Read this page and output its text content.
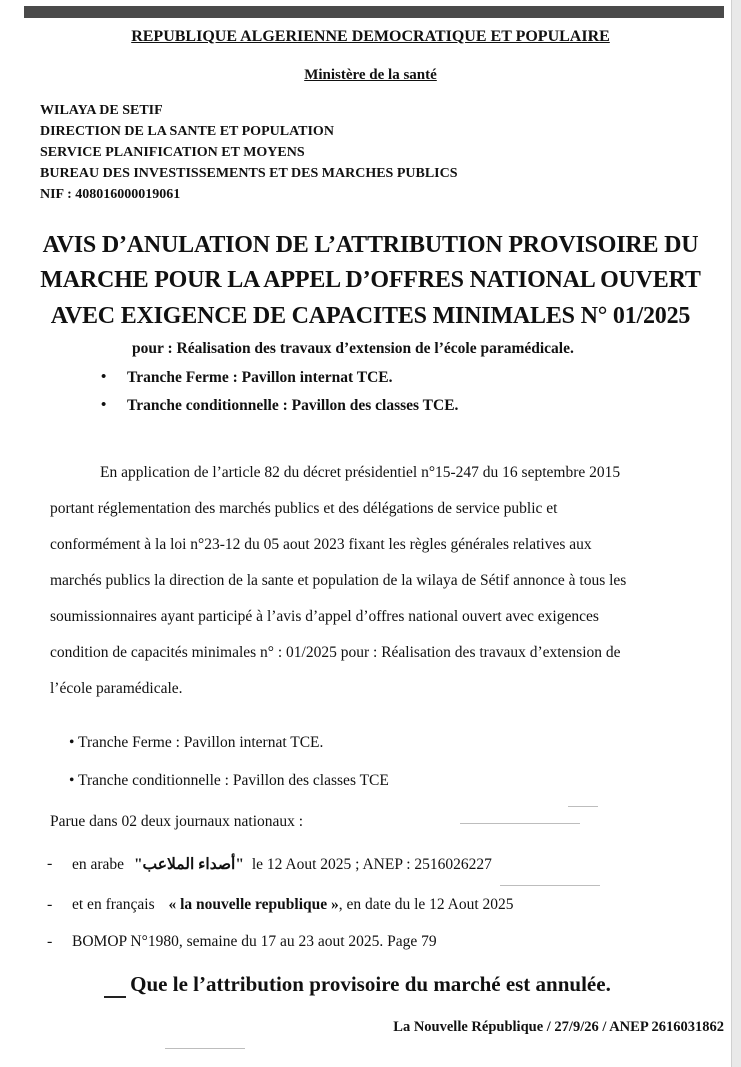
REPUBLIQUE ALGERIENNE DEMOCRATIQUE ET POPULAIRE
Ministère de la santé
WILAYA DE SETIF
DIRECTION DE LA SANTE ET POPULATION
SERVICE PLANIFICATION ET MOYENS
BUREAU DES INVESTISSEMENTS ET DES MARCHES PUBLICS
NIF : 408016000019061
AVIS D’ANULATION DE L’ATTRIBUTION PROVISOIRE DU
MARCHE POUR LA APPEL D’OFFRES NATIONAL OUVERT
AVEC EXIGENCE DE CAPACITES MINIMALES N° 01/2025
pour : Réalisation des travaux d’extension de l’école paramédicale.
• Tranche Ferme : Pavillon internat TCE.
• Tranche conditionnelle : Pavillon des classes TCE.
En application de l’article 82 du décret présidentiel n°15-247 du 16 septembre 2015
portant réglementation des marchés publics et des délégations de service public et
conformément à la loi n°23-12 du 05 aout 2023 fixant les règles générales relatives aux
marchés publics la direction de la sante et population de la wilaya de Sétif annonce à tous les
soumissionnaires ayant participé à l’avis d’appel d’offres national ouvert avec exigences
condition de capacités minimales n° : 01/2025 pour : Réalisation des travaux d’extension de
l’école paramédicale.
• Tranche Ferme : Pavillon internat TCE.
• Tranche conditionnelle : Pavillon des classes TCE
Parue dans 02 deux journaux nationaux :
- en arabe "أصداء الملاعب" le 12 Aout 2025 ; ANEP : 2516026227
- et en français « la nouvelle republique », en date du le 12 Aout 2025
- BOMOP N°1980, semaine du 17 au 23 aout 2025. Page 79
Que le l’attribution provisoire du marché est annulée.
La Nouvelle République / 27/9/26 / ANEP 2616031862
